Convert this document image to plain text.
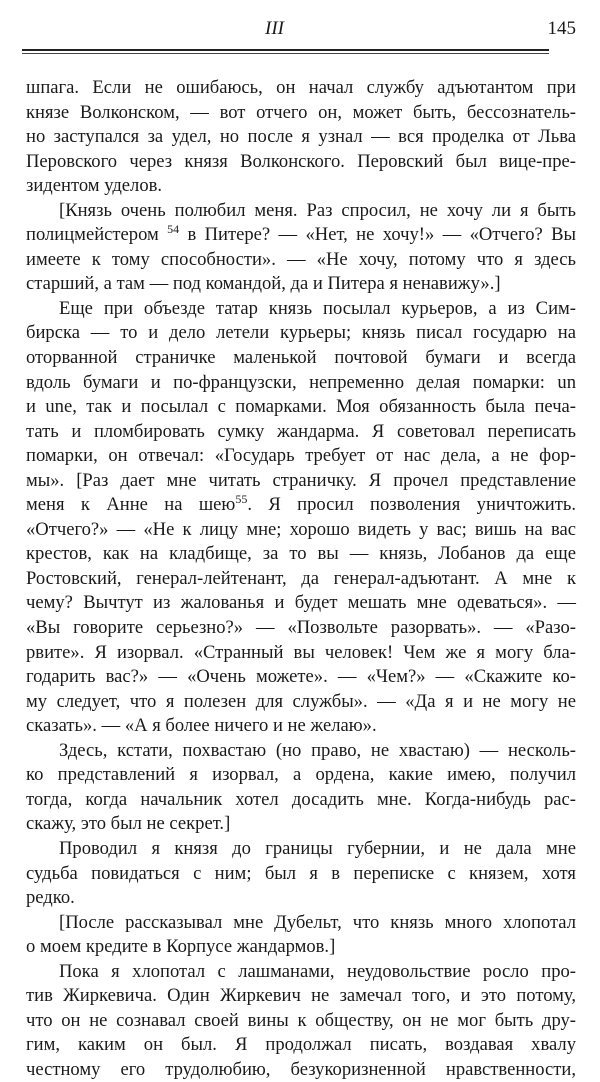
III	145
шпага. Если не ошибаюсь, он начал службу адъютантом при
князе Волконском, — вот отчего он, может быть, бессознатель-
но заступался за удел, но после я узнал — вся проделка от Льва
Перовского через князя Волконского. Перовский был вице-пре-
зидентом уделов.
[Князь очень полюбил меня. Раз спросил, не хочу ли я быть
полицмейстером $^{54}$ в Питере? — «Нет, не хочу!» — «Отчего? Вы
имеете к тому способности». — «Не хочу, потому что я здесь
старший, а там — под командой, да и Питера я ненавижу».]
Еще при объезде татар князь посылал курьеров, а из Сим-
бирска — то и дело летели курьеры; князь писал государю на
оторванной страничке маленькой почтовой бумаги и всегда
вдоль бумаги и по-французски, непременно делая помарки: un
и une, так и посылал с помарками. Моя обязанность была печа-
тать и пломбировать сумку жандарма. Я советовал переписать
помарки, он отвечал: «Государь требует от нас дела, а не фор-
мы». [Раз дает мне читать страничку. Я прочел представление
меня к Анне на шею$^{55}$. Я просил позволения уничтожить.
«Отчего?» — «Не к лицу мне; хорошо видеть у вас; вишь на вас
крестов, как на кладбище, за то вы — князь, Лобанов да еще
Ростовский, генерал-лейтенант, да генерал-адъютант. А мне к
чему? Вычтут из жалованья и будет мешать мне одеваться». —
«Вы говорите серьезно?» — «Позвольте разорвать». — «Разо-
рвите». Я изорвал. «Странный вы человек! Чем же я могу бла-
годарить вас?» — «Очень можете». — «Чем?» — «Скажите ко-
му следует, что я полезен для службы». — «Да я и не могу не
сказать». — «А я более ничего и не желаю».
Здесь, кстати, похвастаю (но право, не хвастаю) — несколь-
ко представлений я изорвал, а ордена, какие имею, получил
тогда, когда начальник хотел досадить мне. Когда-нибудь рас-
скажу, это был не секрет.]
Проводил я князя до границы губернии, и не дала мне
судьба повидаться с ним; был я в переписке с князем, хотя
редко.
[После рассказывал мне Дубельт, что князь много хлопотал
о моем кредите в Корпусе жандармов.]
Пока я хлопотал с лашманами, неудовольствие росло про-
тив Жиркевича. Один Жиркевич не замечал того, и это потому,
что он не сознавал своей вины к обществу, он не мог быть дру-
гим, каким он был. Я продолжал писать, воздавая хвалу
честному его трудолюбию, безукоризненной нравственности,
